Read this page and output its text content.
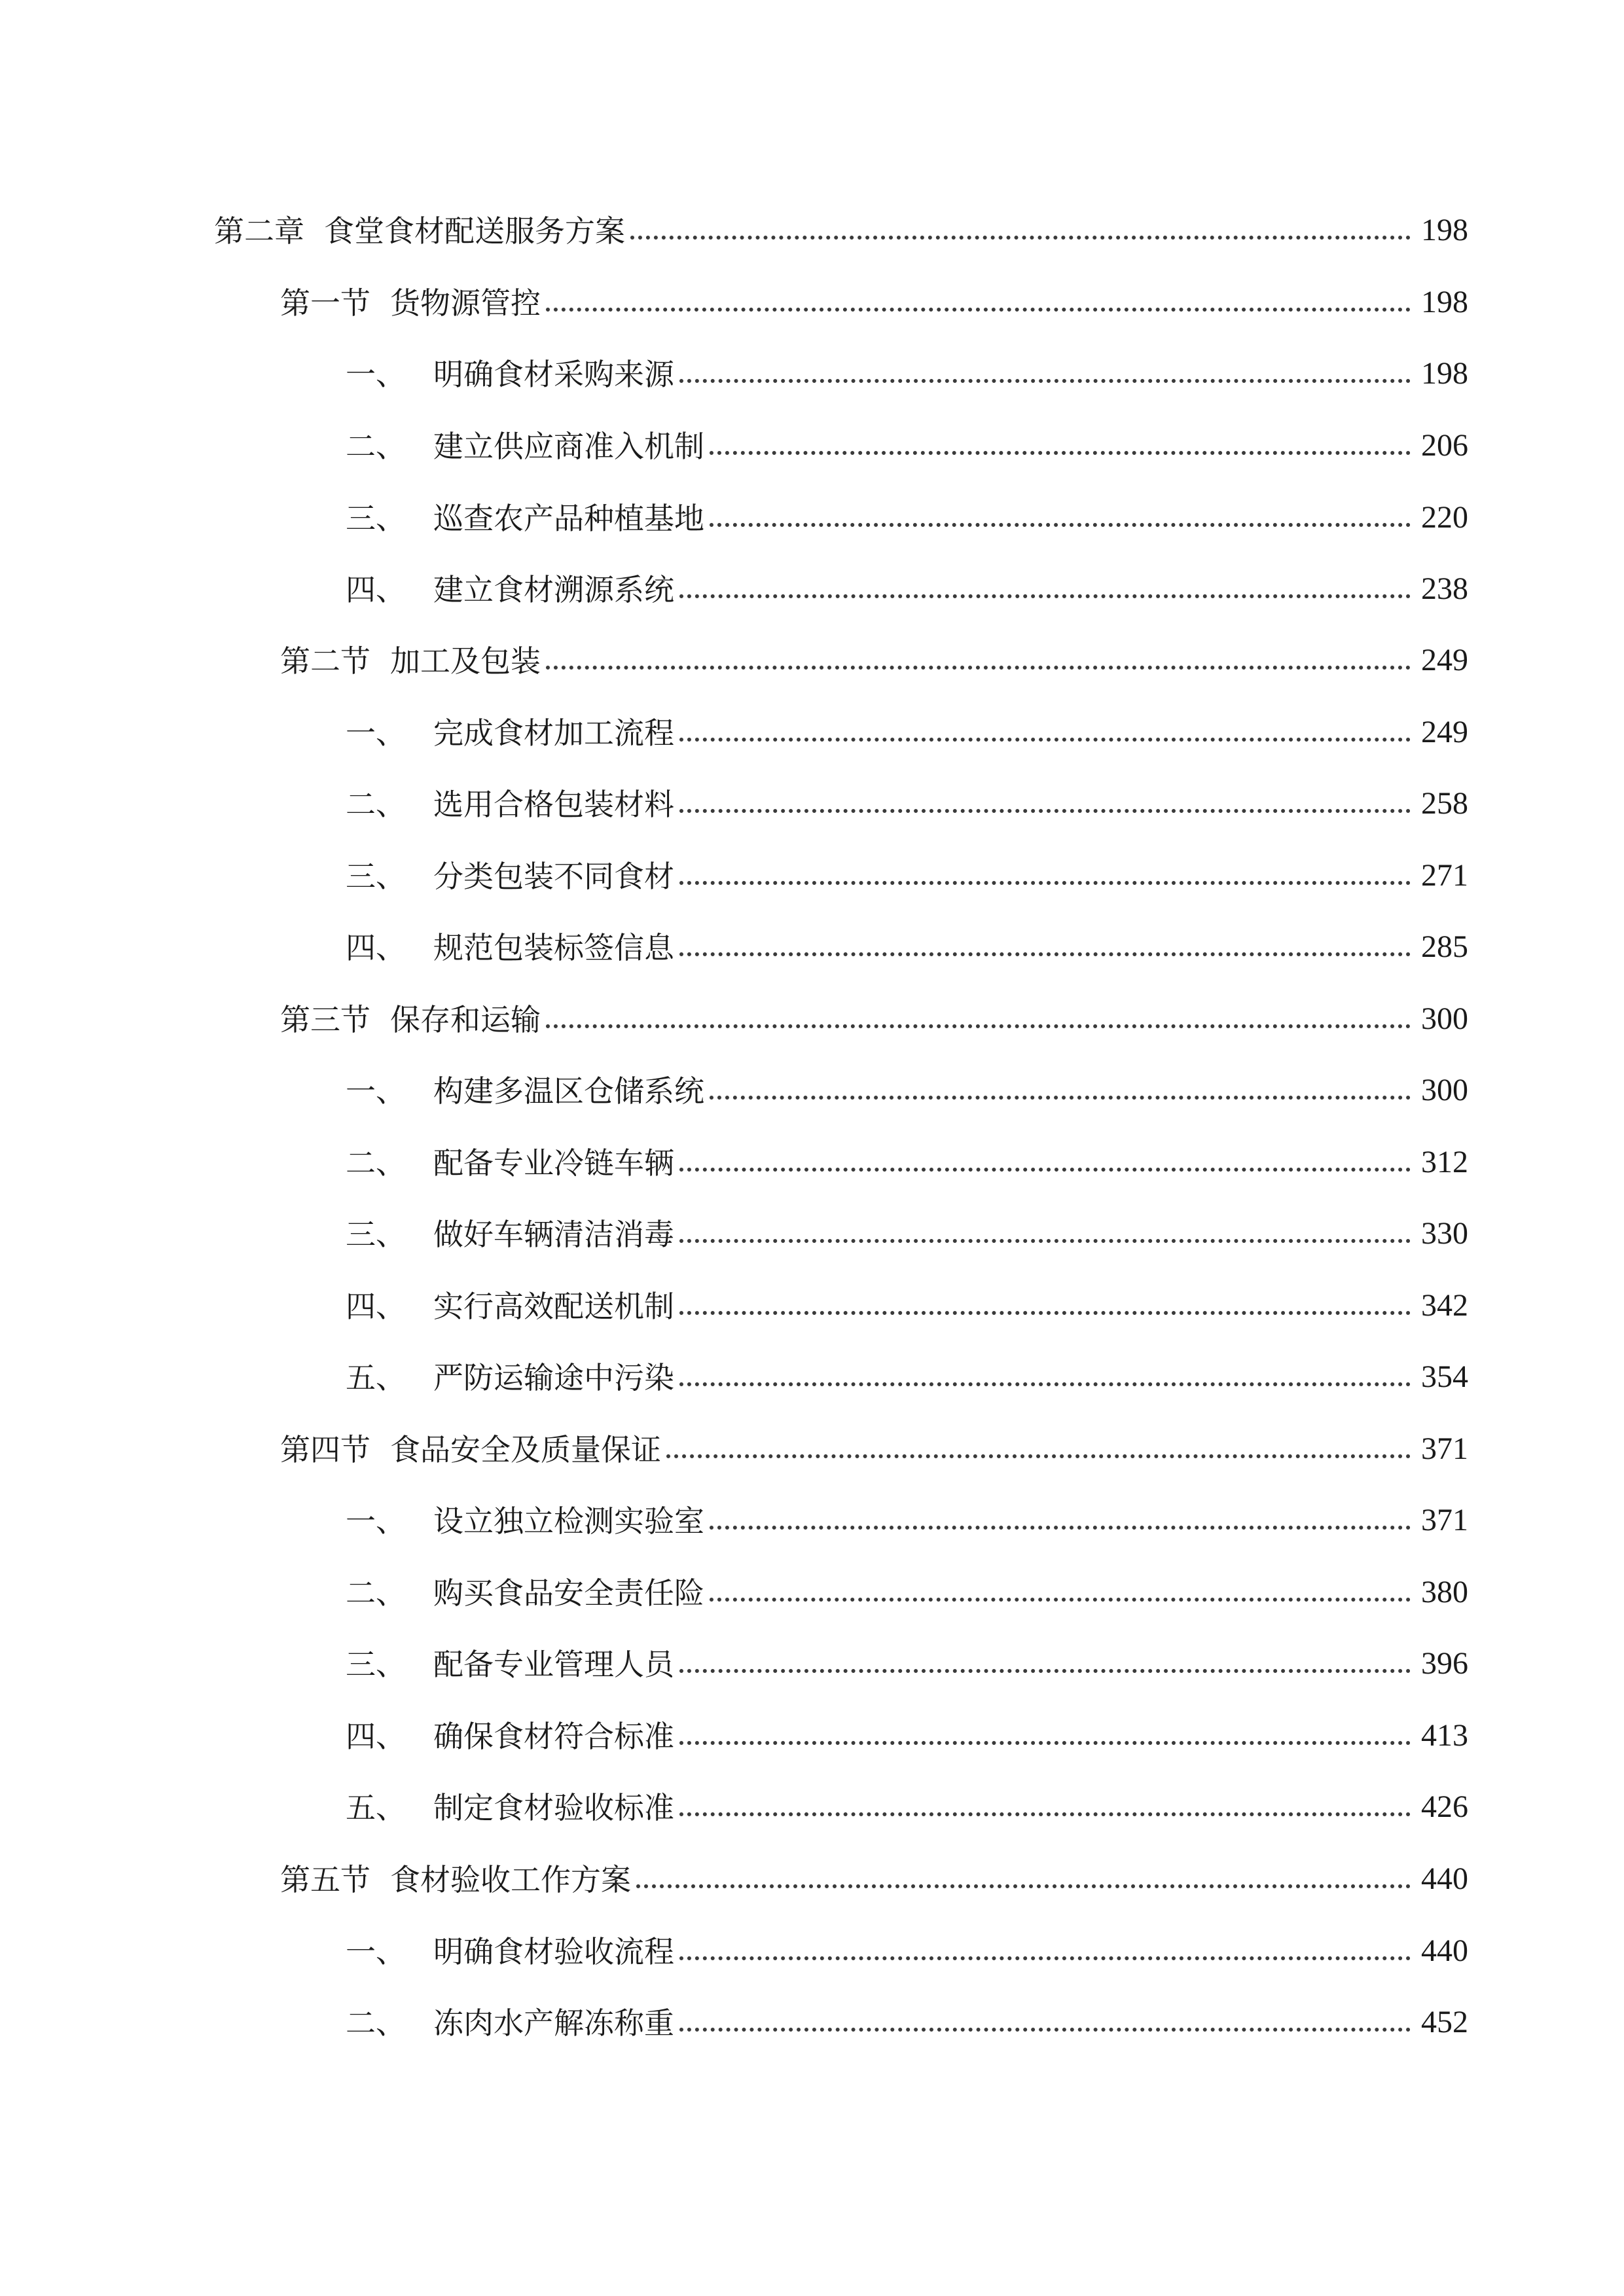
第二章 食堂食材配送服务方案	198
第一节 货物源管控	198
一、 明确食材采购来源	198
二、 建立供应商准入机制	206
三、 巡查农产品种植基地	220
四、 建立食材溯源系统	238
第二节 加工及包装	249
一、 完成食材加工流程	249
二、 选用合格包装材料	258
三、 分类包装不同食材	271
四、 规范包装标签信息	285
第三节 保存和运输	300
一、 构建多温区仓储系统	300
二、 配备专业冷链车辆	312
三、 做好车辆清洁消毒	330
四、 实行高效配送机制	342
五、 严防运输途中污染	354
第四节 食品安全及质量保证	371
一、 设立独立检测实验室	371
二、 购买食品安全责任险	380
三、 配备专业管理人员	396
四、 确保食材符合标准	413
五、 制定食材验收标准	426
第五节 食材验收工作方案	440
一、 明确食材验收流程	440
二、 冻肉水产解冻称重	452
